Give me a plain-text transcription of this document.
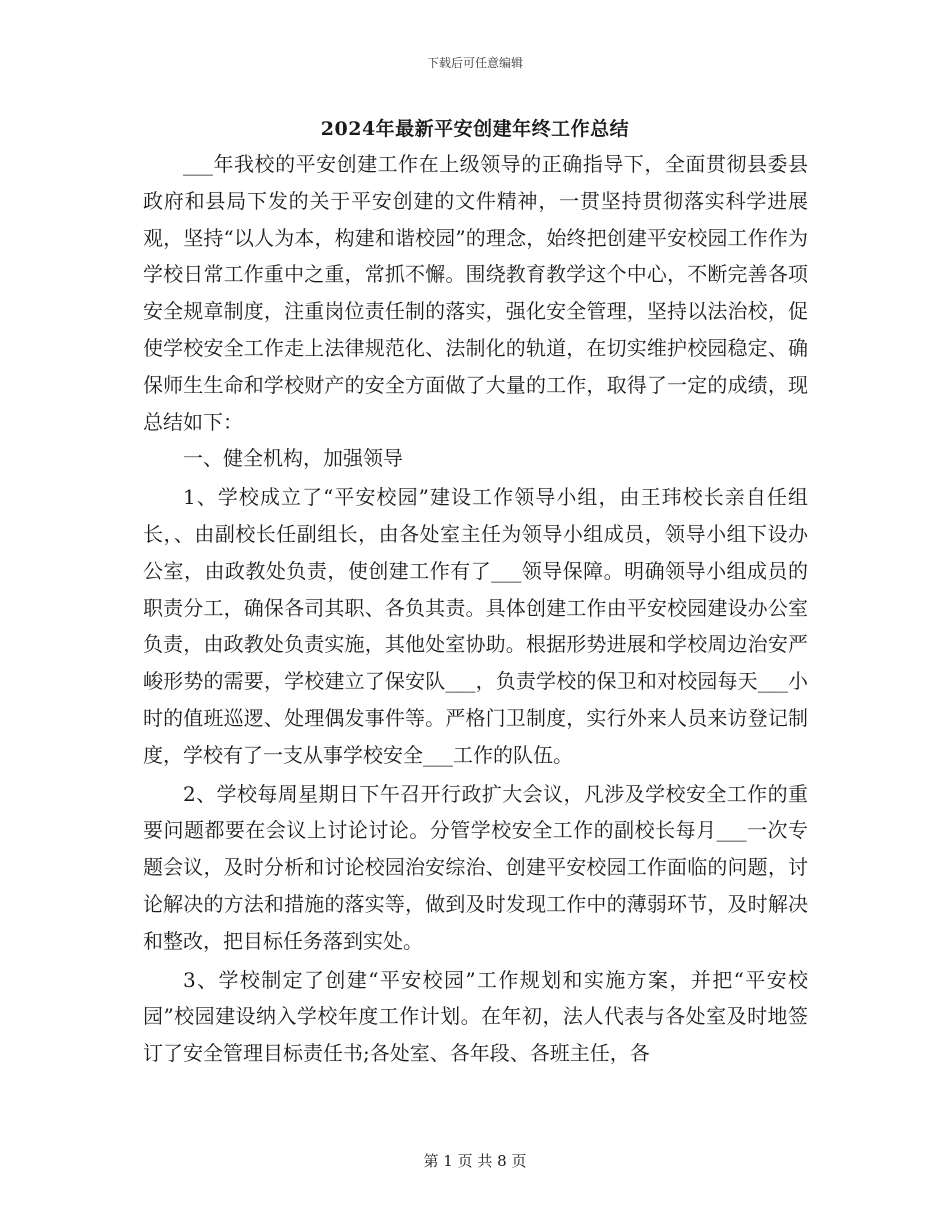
下载后可任意编辑
2024年最新平安创建年终工作总结

___年我校的平安创建工作在上级领导的正确指导下，全面贯彻县委县政府和县局下发的关于平安创建的文件精神，一贯坚持贯彻落实科学进展观，坚持“以人为本，构建和谐校园”的理念，始终把创建平安校园工作作为学校日常工作重中之重，常抓不懈。围绕教育教学这个中心，不断完善各项安全规章制度，注重岗位责任制的落实，强化安全管理，坚持以法治校，促使学校安全工作走上法律规范化、法制化的轨道，在切实维护校园稳定、确保师生生命和学校财产的安全方面做了大量的工作，取得了一定的成绩，现总结如下：

一、健全机构，加强领导

1、学校成立了“平安校园”建设工作领导小组，由王玮校长亲自任组长，、由副校长任副组长，由各处室主任为领导小组成员，领导小组下设办公室，由政教处负责，使创建工作有了___领导保障。明确领导小组成员的职责分工，确保各司其职、各负其责。具体创建工作由平安校园建设办公室负责，由政教处负责实施，其他处室协助。根据形势进展和学校周边治安严峻形势的需要，学校建立了保安队___，负责学校的保卫和对校园每天___小时的值班巡逻、处理偶发事件等。严格门卫制度，实行外来人员来访登记制度，学校有了一支从事学校安全___工作的队伍。

2、学校每周星期日下午召开行政扩大会议，凡涉及学校安全工作的重要问题都要在会议上讨论讨论。分管学校安全工作的副校长每月___一次专题会议，及时分析和讨论校园治安综治、创建平安校园工作面临的问题，讨论解决的方法和措施的落实等，做到及时发现工作中的薄弱环节，及时解决和整改，把目标任务落到实处。

3、学校制定了创建“平安校园”工作规划和实施方案，并把“平安校园”校园建设纳入学校年度工作计划。在年初，法人代表与各处室及时地签订了安全管理目标责任书;各处室、各年段、各班主任，各

第 1 页 共 8 页
